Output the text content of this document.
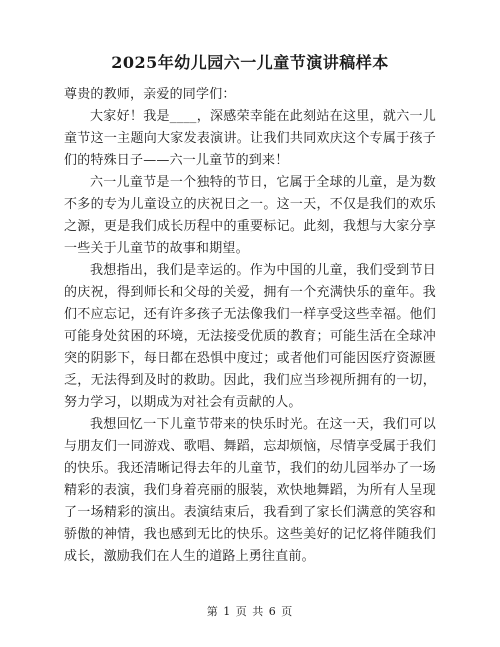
2025年幼儿园六一儿童节演讲稿样本

尊贵的教师，亲爱的同学们：

大家好！我是____，深感荣幸能在此刻站在这里，就六一儿童节这一主题向大家发表演讲。让我们共同欢庆这个专属于孩子们的特殊日子——六一儿童节的到来！

六一儿童节是一个独特的节日，它属于全球的儿童，是为数不多的专为儿童设立的庆祝日之一。这一天，不仅是我们的欢乐之源，更是我们成长历程中的重要标记。此刻，我想与大家分享一些关于儿童节的故事和期望。

我想指出，我们是幸运的。作为中国的儿童，我们受到节日的庆祝，得到师长和父母的关爱，拥有一个充满快乐的童年。我们不应忘记，还有许多孩子无法像我们一样享受这些幸福。他们可能身处贫困的环境，无法接受优质的教育；可能生活在全球冲突的阴影下，每日都在恐惧中度过；或者他们可能因医疗资源匮乏，无法得到及时的救助。因此，我们应当珍视所拥有的一切，努力学习，以期成为对社会有贡献的人。

我想回忆一下儿童节带来的快乐时光。在这一天，我们可以与朋友们一同游戏、歌唱、舞蹈，忘却烦恼，尽情享受属于我们的快乐。我还清晰记得去年的儿童节，我们的幼儿园举办了一场精彩的表演，我们身着亮丽的服装，欢快地舞蹈，为所有人呈现了一场精彩的演出。表演结束后，我看到了家长们满意的笑容和骄傲的神情，我也感到无比的快乐。这些美好的记忆将伴随我们成长，激励我们在人生的道路上勇往直前。

第 1 页 共 6 页
